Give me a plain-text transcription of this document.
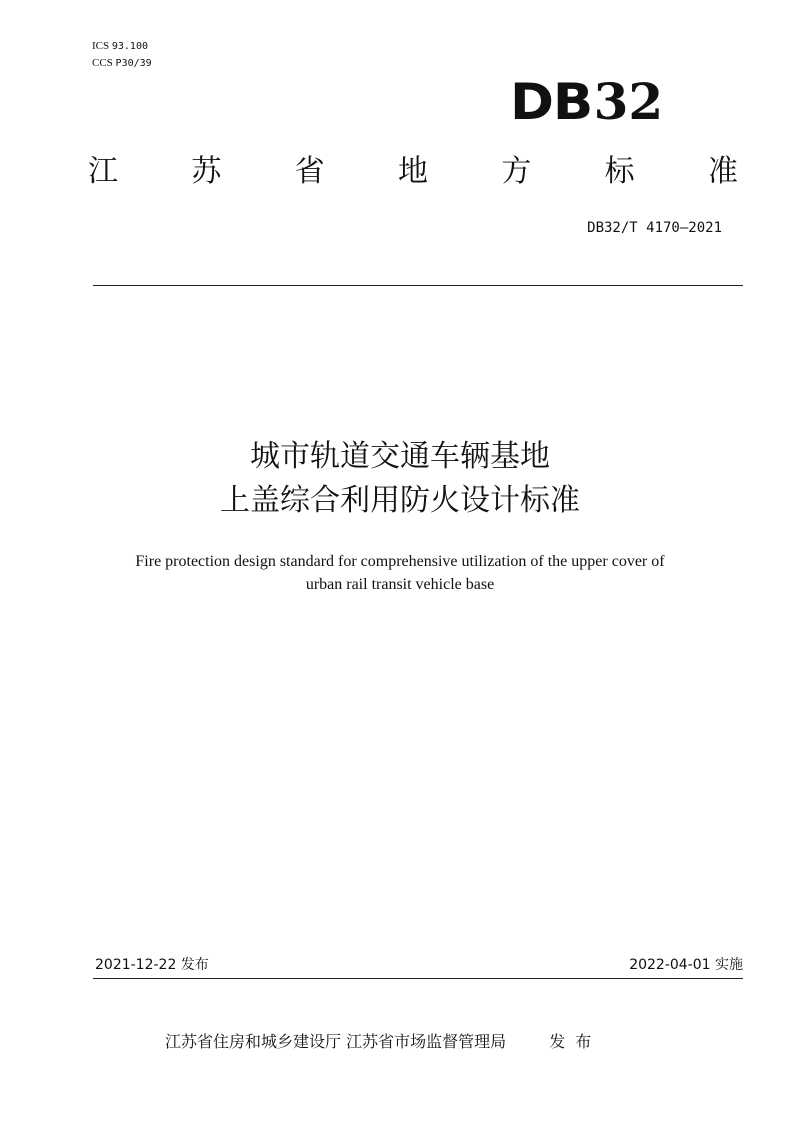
ICS 93.100
CCS P30/39
DB32
江 苏 省 地 方 标 准
DB32/T 4170—2021
城市轨道交通车辆基地
上盖综合利用防火设计标准
Fire protection design standard for comprehensive utilization of the upper cover of
urban rail transit vehicle base
2021-12-22 发布	2022-04-01 实施
江苏省住房和城乡建设厅 江苏省市场监督管理局	发布
